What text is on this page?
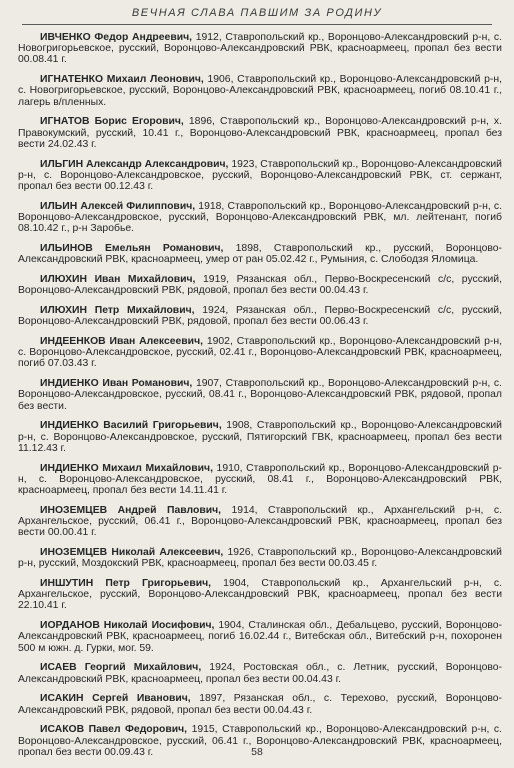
ВЕЧНАЯ СЛАВА ПАВШИМ ЗА РОДИНУ

ИВЧЕНКО Федор Андреевич, 1912, Ставропольский кр., Воронцово-Александровский р-н, с. Новогригорьевское, русский, Воронцово-Александровский РВК, красноармеец, пропал без вести 00.08.41 г.

ИГНАТЕНКО Михаил Леонович, 1906, Ставропольский кр., Воронцово-Александровский р-н, с. Новогригорьевское, русский, Воронцово-Александровский РВК, красноармеец, погиб 08.10.41 г., лагерь в/пленных.

ИГНАТОВ Борис Егорович, 1896, Ставропольский кр., Воронцово-Александровский р-н, х. Правокумский, русский, 10.41 г., Воронцово-Александровский РВК, красноармеец, пропал без вести 24.02.43 г.

ИЛЬГИН Александр Александрович, 1923, Ставропольский кр., Воронцово-Александровский р-н, с. Воронцово-Александровское, русский, Воронцово-Александровский РВК, ст. сержант, пропал без вести 00.12.43 г.

ИЛЬИН Алексей Филиппович, 1918, Ставропольский кр., Воронцово-Александровский р-н, с. Воронцово-Александровское, русский, Воронцово-Александровский РВК, мл. лейтенант, погиб 08.10.42 г., р-н Заробье.

ИЛЬИНОВ Емельян Романович, 1898, Ставропольский кр., русский, Воронцово-Александровский РВК, красноармеец, умер от ран 05.02.42 г., Румыния, с. Слободзя Яломица.

ИЛЮХИН Иван Михайлович, 1919, Рязанская обл., Перво-Воскресенский с/с, русский, Воронцово-Александровский РВК, рядовой, пропал без вести 00.04.43 г.

ИЛЮХИН Петр Михайлович, 1924, Рязанская обл., Перво-Воскресенский с/с, русский, Воронцово-Александровский РВК, рядовой, пропал без вести 00.06.43 г.

ИНДЕЕНКОВ Иван Алексеевич, 1902, Ставропольский кр., Воронцово-Александровский р-н, с. Воронцово-Александровское, русский, 02.41 г., Воронцово-Александровский РВК, красноармеец, погиб 07.03.43 г.

ИНДИЕНКО Иван Романович, 1907, Ставропольский кр., Воронцово-Александровский р-н, с. Воронцово-Александровское, русский, 08.41 г., Воронцово-Александровский РВК, рядовой, пропал без вести.

ИНДИЕНКО Василий Григорьевич, 1908, Ставропольский кр., Воронцово-Александровский р-н, с. Воронцово-Александровское, русский, Пятигорский ГВК, красноармеец, пропал без вести 11.12.43 г.

ИНДИЕНКО Михаил Михайлович, 1910, Ставропольский кр., Воронцово-Александровский р-н, с. Воронцово-Александровское, русский, 08.41 г., Воронцово-Александровский РВК, красноармеец, пропал без вести 14.11.41 г.

ИНОЗЕМЦЕВ Андрей Павлович, 1914, Ставропольский кр., Архангельский р-н, с. Архангельское, русский, 06.41 г., Воронцово-Александровский РВК, красноармеец, пропал без вести 00.00.41 г.

ИНОЗЕМЦЕВ Николай Алексеевич, 1926, Ставропольский кр., Воронцово-Александровский р-н, русский, Моздокский РВК, красноармеец, пропал без вести 00.03.45 г.

ИНШУТИН Петр Григорьевич, 1904, Ставропольский кр., Архангельский р-н, с. Архангельское, русский, Воронцово-Александровский РВК, красноармеец, пропал без вести 22.10.41 г.

ИОРДАНОВ Николай Иосифович, 1904, Сталинская обл., Дебальцево, русский, Воронцово-Александровский РВК, красноармеец, погиб 16.02.44 г., Витебская обл., Витебский р-н, похоронен 500 м южн. д. Гурки, мог. 59.

ИСАЕВ Георгий Михайлович, 1924, Ростовская обл., с. Летник, русский, Воронцово-Александровский РВК, красноармеец, пропал без вести 00.04.43 г.

ИСАКИН Сергей Иванович, 1897, Рязанская обл., с. Терехово, русский, Воронцово-Александровский РВК, рядовой, пропал без вести 00.04.43 г.

ИСАКОВ Павел Федорович, 1915, Ставропольский кр., Воронцово-Александровский р-н, с. Воронцово-Александровское, русский, 06.41 г., Воронцово-Александровский РВК, красноармеец, пропал без вести 00.09.43 г.	58
